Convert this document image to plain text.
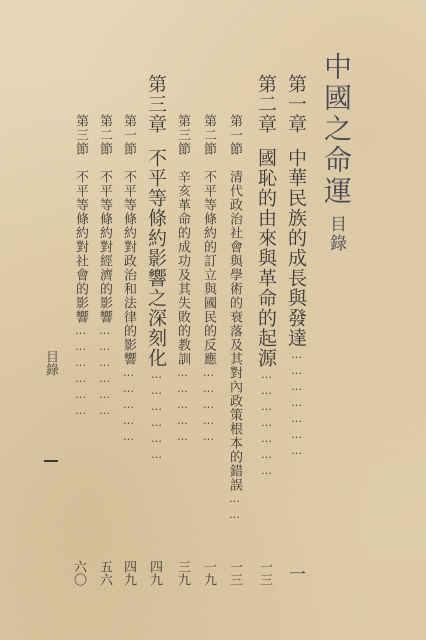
中國之命運目錄
第一章中華民族的成長與發達…………………
一
第二章國恥的由來與革命的起源…………………
一三
第一節清代政治社會與學術的衰落及其對內政策根本的錯誤……
一三
第二節不平等條約的訂立與國民的反應……………
一九
第三節辛亥革命的成功及其失敗的教訓……………
三九
第三章不平等條約影響之深刻化………………
四九
第一節不平等條約對政治和法律的影響……………
四九
第二節不平等條約對經濟的影響………………
五六
第三節不平等條約對社會的影響………………
六〇
目錄
